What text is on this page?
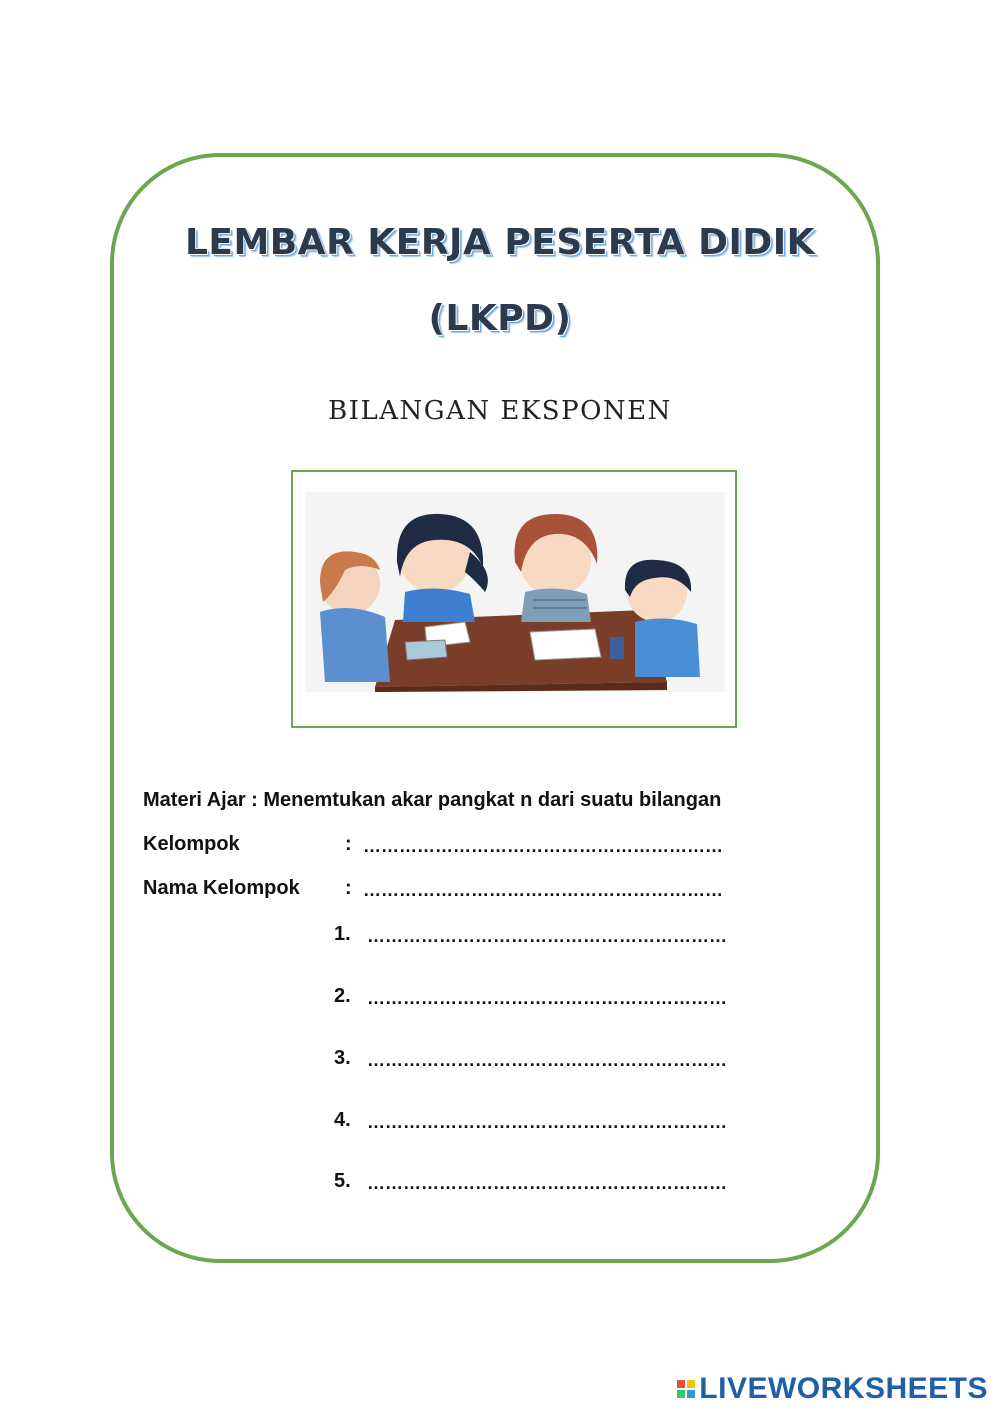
LEMBAR KERJA PESERTA DIDIK
(LKPD)
BILANGAN EKSPONEN
Materi Ajar : Menemtukan akar pangkat n dari suatu bilangan
Kelompok	: ……………………………………………………
Nama Kelompok : ……………………………………………………
1. ……………………………………………………
2. ……………………………………………………
3. ……………………………………………………
4. ……………………………………………………
5. ……………………………………………………
LIVEWORKSHEETS
